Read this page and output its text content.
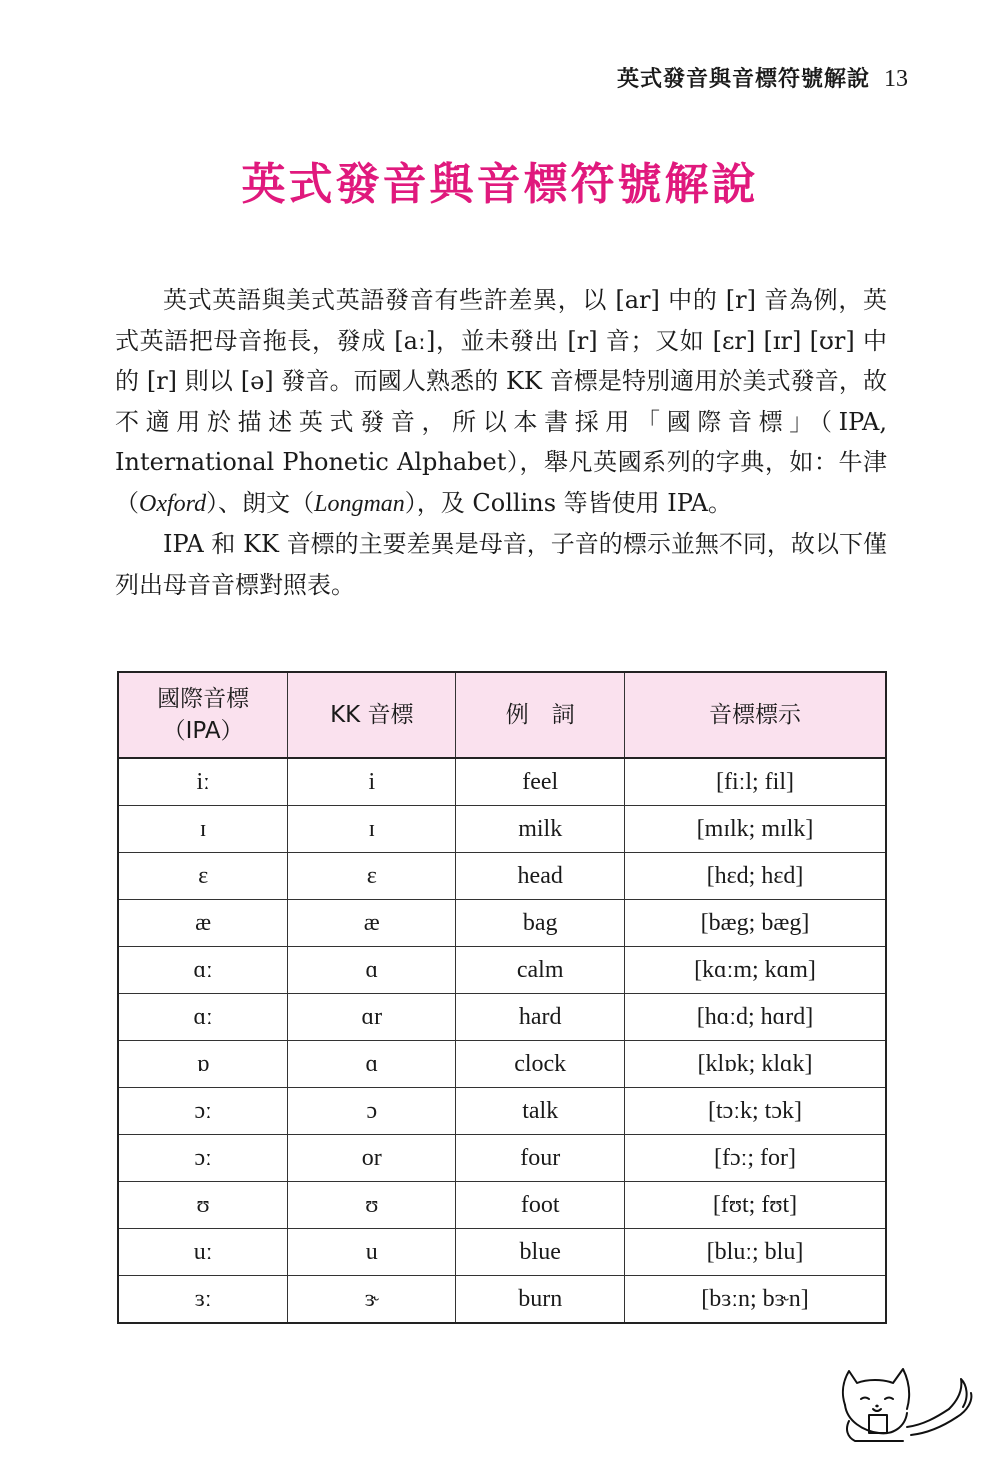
英式發音與音標符號解說 13
英式發音與音標符號解說

英式英語與美式英語發音有些許差異，以 [ar] 中的 [r] 音為例，英式英語把母音拖長，發成 [aː]，並未發出 [r] 音；又如 [ɛr] [ɪr] [ʊr] 中的 [r] 則以 [ə] 發音。而國人熟悉的 KK 音標是特別適用於美式發音，故不適用於描述英式發音，所以本書採用「國際音標」（IPA, International Phonetic Alphabet），舉凡英國系列的字典，如：牛津（Oxford）、朗文（Longman），及 Collins 等皆使用 IPA。

IPA 和 KK 音標的主要差異是母音，子音的標示並無不同，故以下僅列出母音音標對照表。

國際音標
（IPA）	KK 音標	例　詞	音標標示
iː	i	feel	[fiːl; fil]
ɪ	ɪ	milk	[mɪlk; mɪlk]
ɛ	ɛ	head	[hɛd; hɛd]
æ	æ	bag	[bæg; bæg]
ɑː	ɑ	calm	[kɑːm; kɑm]
ɑː	ɑr	hard	[hɑːd; hɑrd]
ɒ	ɑ	clock	[klɒk; klɑk]
ɔː	ɔ	talk	[tɔːk; tɔk]
ɔː	or	four	[fɔː; for]
ʊ	ʊ	foot	[fʊt; fʊt]
uː	u	blue	[bluː; blu]
ɜː	ɝ	burn	[bɜːn; bɝn]
